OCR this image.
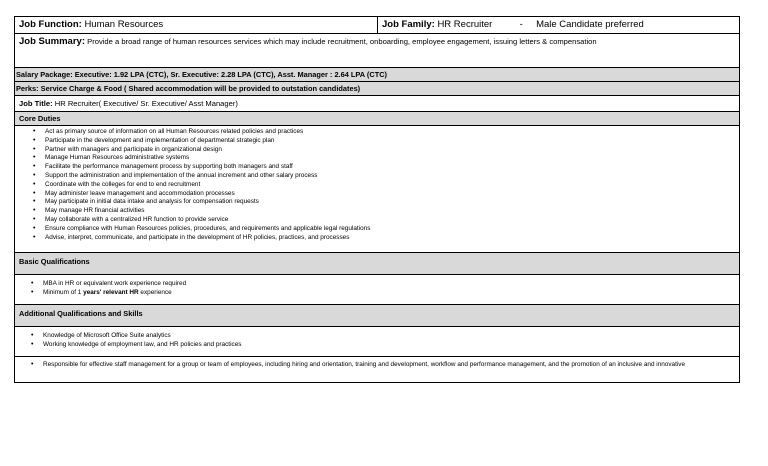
Job Function: Human Resources	Job Family: HR Recruiter	- Male Candidate preferred
Job Summary: Provide a broad range of human resources services which may include recruitment, onboarding, employee engagement, issuing letters & compensation
Salary Package: Executive: 1.92 LPA (CTC), Sr. Executive: 2.28 LPA (CTC), Asst. Manager : 2.64 LPA (CTC)
Perks: Service Charge & Food ( Shared accommodation will be provided to outstation candidates)
Job Title: HR Recruiter( Executive/ Sr. Executive/ Asst Manager)
Core Duties
• Act as primary source of information on all Human Resources related policies and practices
• Participate in the development and implementation of departmental strategic plan
• Partner with managers and participate in organizational design
• Manage Human Resources administrative systems
• Facilitate the performance management process by supporting both managers and staff
• Support the administration and implementation of the annual increment and other salary process
• Coordinate with the colleges for end to end recruitment
• May administer leave management and accommodation processes
• May participate in initial data intake and analysis for compensation requests
• May manage HR financial activities
• May collaborate with a centralized HR function to provide service
• Ensure compliance with Human Resources policies, procedures, and requirements and applicable legal regulations
• Advise, interpret, communicate, and participate in the development of HR policies, practices, and processes
Basic Qualifications
• MBA in HR or equivalent work experience required
• Minimum of 1 years' relevant HR experience
Additional Qualifications and Skills
• Knowledge of Microsoft Office Suite analytics
• Working knowledge of employment law, and HR policies and practices
• Responsible for effective staff management for a group or team of employees, including hiring and orientation, training and development, workflow and performance management, and the promotion of an inclusive and innovative
